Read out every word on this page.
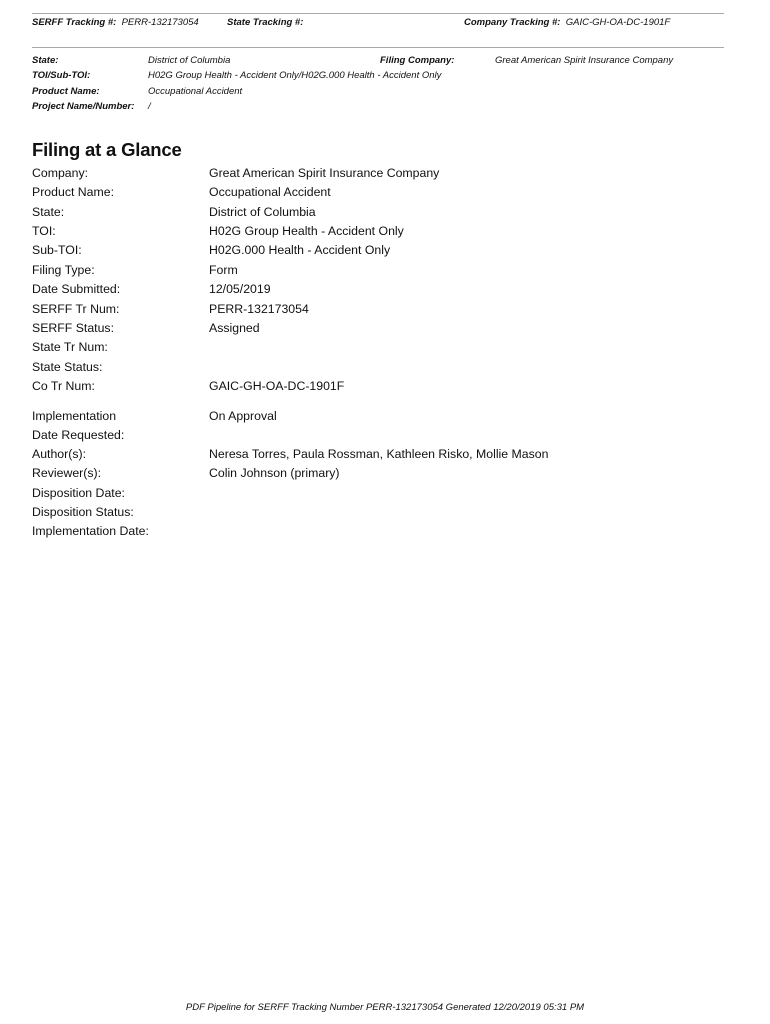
SERFF Tracking #: PERR-132173054	State Tracking #:	Company Tracking #: GAIC-GH-OA-DC-1901F
State:	District of Columbia	Filing Company:	Great American Spirit Insurance Company
TOI/Sub-TOI:	H02G Group Health - Accident Only/H02G.000 Health - Accident Only
Product Name:	Occupational Accident
Project Name/Number: /
Filing at a Glance
Company:	Great American Spirit Insurance Company
Product Name:	Occupational Accident
State:	District of Columbia
TOI:	H02G Group Health - Accident Only
Sub-TOI:	H02G.000 Health - Accident Only
Filing Type:	Form
Date Submitted:	12/05/2019
SERFF Tr Num:	PERR-132173054
SERFF Status:	Assigned
State Tr Num:
State Status:
Co Tr Num:	GAIC-GH-OA-DC-1901F
Implementation	On Approval
Date Requested:
Author(s):	Neresa Torres, Paula Rossman, Kathleen Risko, Mollie Mason
Reviewer(s):	Colin Johnson (primary)
Disposition Date:
Disposition Status:
Implementation Date:
PDF Pipeline for SERFF Tracking Number PERR-132173054 Generated 12/20/2019 05:31 PM
